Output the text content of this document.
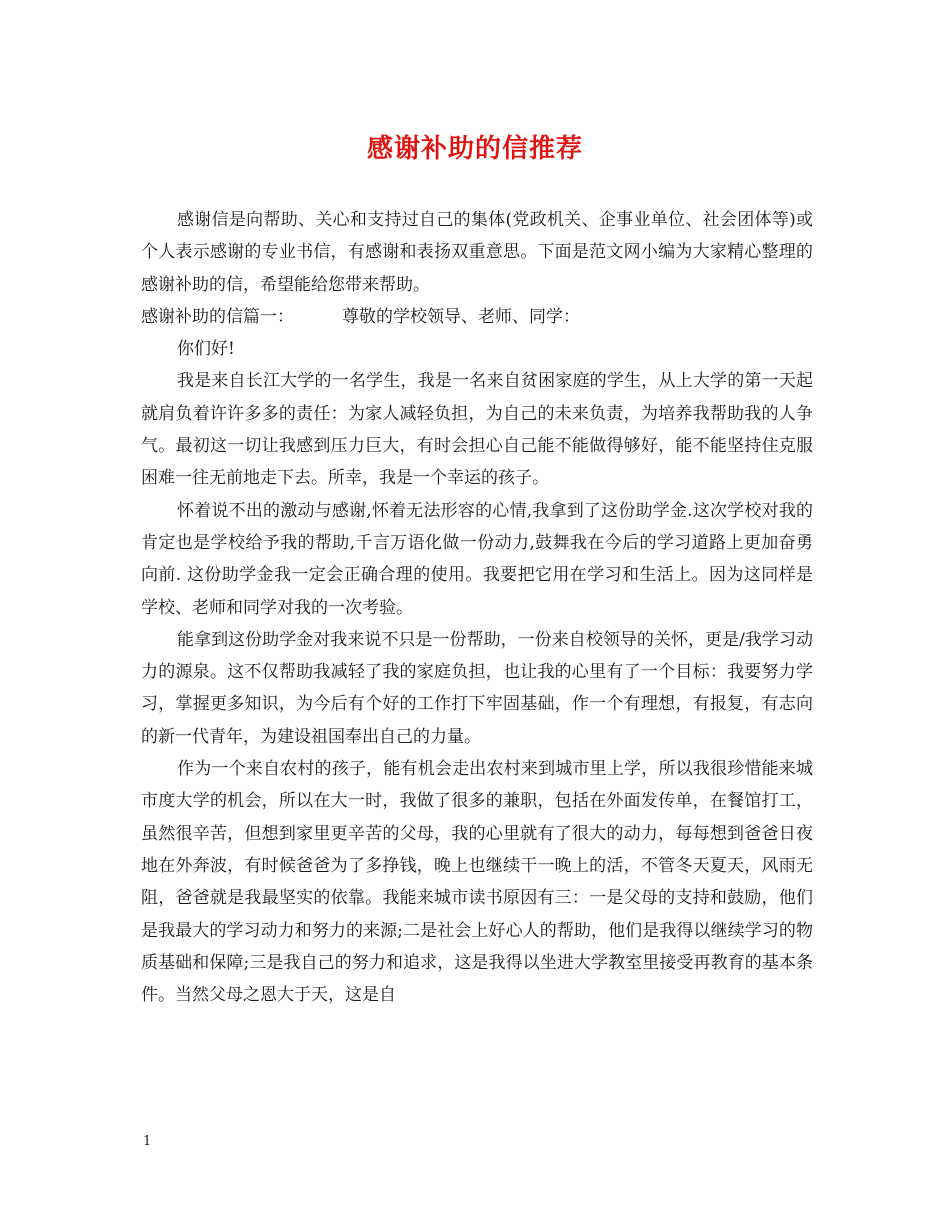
感谢补助的信推荐

感谢信是向帮助、关心和支持过自己的集体(党政机关、企事业单位、社会团体等)或个人表示感谢的专业书信，有感谢和表扬双重意思。下面是范文网小编为大家精心整理的感谢补助的信，希望能给您带来帮助。

感谢补助的信篇一：	尊敬的学校领导、老师、同学：

你们好!

我是来自长江大学的一名学生，我是一名来自贫困家庭的学生，从上大学的第一天起就肩负着许许多多的责任：为家人减轻负担，为自己的未来负责，为培养我帮助我的人争气。最初这一切让我感到压力巨大，有时会担心自己能不能做得够好，能不能坚持住克服困难一往无前地走下去。所幸，我是一个幸运的孩子。

怀着说不出的激动与感谢,怀着无法形容的心情,我拿到了这份助学金.这次学校对我的肯定也是学校给予我的帮助,千言万语化做一份动力,鼓舞我在今后的学习道路上更加奋勇向前. 这份助学金我一定会正确合理的使用。我要把它用在学习和生活上。因为这同样是学校、老师和同学对我的一次考验。

能拿到这份助学金对我来说不只是一份帮助，一份来自校领导的关怀，更是/我学习动力的源泉。这不仅帮助我减轻了我的家庭负担，也让我的心里有了一个目标：我要努力学习，掌握更多知识，为今后有个好的工作打下牢固基础，作一个有理想，有报复，有志向的新一代青年，为建设祖国奉出自己的力量。

作为一个来自农村的孩子，能有机会走出农村来到城市里上学，所以我很珍惜能来城市度大学的机会，所以在大一时，我做了很多的兼职，包括在外面发传单，在餐馆打工，虽然很辛苦，但想到家里更辛苦的父母，我的心里就有了很大的动力，每每想到爸爸日夜地在外奔波，有时候爸爸为了多挣钱，晚上也继续干一晚上的活，不管冬天夏天，风雨无阻，爸爸就是我最坚实的依靠。我能来城市读书原因有三：一是父母的支持和鼓励，他们是我最大的学习动力和努力的来源;二是社会上好心人的帮助，他们是我得以继续学习的物质基础和保障;三是我自己的努力和追求，这是我得以坐进大学教室里接受再教育的基本条件。当然父母之恩大于天，这是自

1
